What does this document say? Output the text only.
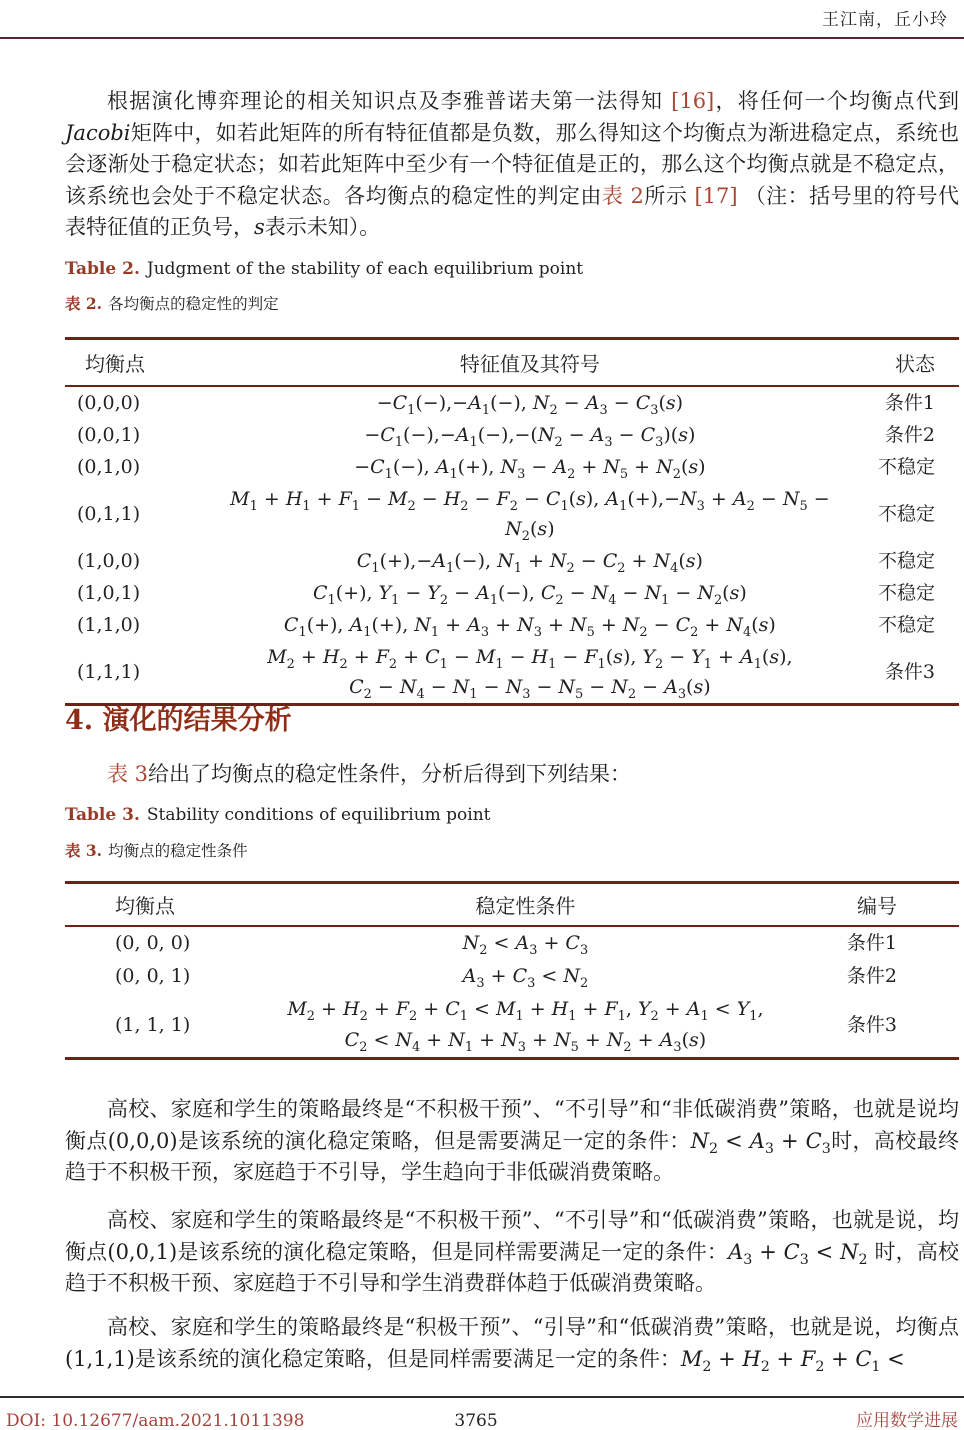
王江南，丘小玲

根据演化博弈理论的相关知识点及李雅普诺夫第一法得知 [16]，将任何一个均衡点代到Jacobi矩阵中，如若此矩阵的所有特征值都是负数，那么得知这个均衡点为渐进稳定点，系统也会逐渐处于稳定状态；如若此矩阵中至少有一个特征值是正的，那么这个均衡点就是不稳定点，该系统也会处于不稳定状态。各均衡点的稳定性的判定由表 2所示 [17] （注：括号里的符号代表特征值的正负号，s表示未知）。

Table 2. Judgment of the stability of each equilibrium point
表 2. 各均衡点的稳定性的判定
均衡点	特征值及其符号	状态
(0,0,0)	$-C_1(-),-A_1(-)$, $N_2 - A_3 - C_3(s)$	条件1
(0,0,1)	$-C_1(-),-A_1(-),-(N_2 - A_3 - C_3)(s)$	条件2
(0,1,0)	$-C_1(-)$, $A_1(+)$, $N_3 - A_2 + N_5 + N_2(s)$	不稳定
(0,1,1)	$M_1 + H_1 + F_1 - M_2 - H_2 - F_2 - C_1(s)$, $A_1(+),-N_3 + A_2 - N_5 - N_2(s)$	不稳定
(1,0,0)	$C_1(+),-A_1(-)$, $N_1 + N_2 - C_2 + N_4(s)$	不稳定
(1,0,1)	$C_1(+)$, $Y_1 - Y_2 - A_1(-)$, $C_2 - N_4 - N_1 - N_2(s)$	不稳定
(1,1,0)	$C_1(+)$, $A_1(+)$, $N_1 + A_3 + N_3 + N_5 + N_2 - C_2 + N_4(s)$	不稳定
(1,1,1)	$M_2 + H_2 + F_2 + C_1 - M_1 - H_1 - F_1(s)$, $Y_2 - Y_1 + A_1(s)$,
$C_2 - N_4 - N_1 - N_3 - N_5 - N_2 - A_3(s)$	条件3
4. 演化的结果分析

表 3给出了均衡点的稳定性条件，分析后得到下列结果：

Table 3. Stability conditions of equilibrium point
表 3. 均衡点的稳定性条件
均衡点	稳定性条件	编号
(0, 0, 0)	$N_2 < A_3 + C_3$	条件1
(0, 0, 1)	$A_3 + C_3 < N_2$	条件2
(1, 1, 1)	$M_2 + H_2 + F_2 + C_1 < M_1 + H_1 + F_1$, $Y_2 + A_1 < Y_1$,
$C_2 < N_4 + N_1 + N_3 + N_5 + N_2 + A_3(s)$	条件3

高校、家庭和学生的策略最终是“不积极干预”、“不引导”和“非低碳消费”策略，也就是说均衡点(0,0,0)是该系统的演化稳定策略，但是需要满足一定的条件：$N_2 < A_3 + C_3$时，高校最终趋于不积极干预，家庭趋于不引导，学生趋向于非低碳消费策略。

高校、家庭和学生的策略最终是“不积极干预”、“不引导”和“低碳消费”策略，也就是说，均衡点(0,0,1)是该系统的演化稳定策略，但是同样需要满足一定的条件：$A_3 + C_3 < N_2$ 时，高校趋于不积极干预、家庭趋于不引导和学生消费群体趋于低碳消费策略。

高校、家庭和学生的策略最终是“积极干预”、“引导”和“低碳消费”策略，也就是说，均衡点(1,1,1)是该系统的演化稳定策略，但是同样需要满足一定的条件：$M_2 + H_2 + F_2 + C_1$ <

DOI: 10.12677/aam.2021.1011398	3765	应用数学进展
